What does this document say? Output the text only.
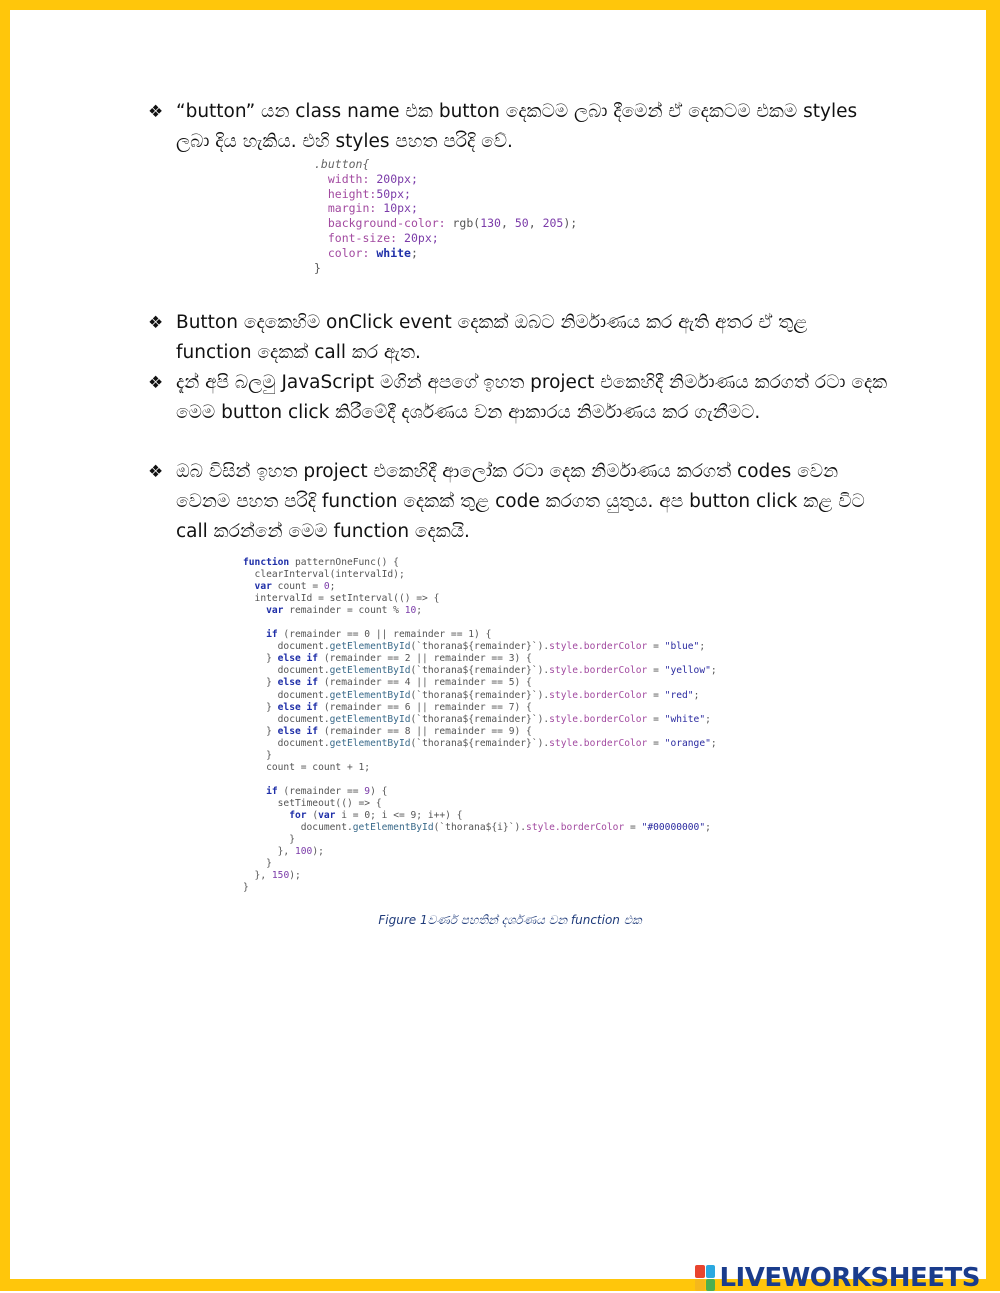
❖ “button” යන class name එක button දෙකටම ලබා දීමෙන් ඒ දෙකටම එකම styles ලබා දිය හැකිය. එහි styles පහත පරිදි වේ.
.button{
width: 200px;
height:50px;
margin: 10px;
background-color: rgb(130, 50, 205);
font-size: 20px;
color: white;
}
❖ Button දෙකෙහිම onClick event දෙකක් ඔබට නිර්මාණය කර ඇති අතර ඒ තුළ function දෙකක් call කර ඇත.
❖ දැන් අපි බලමු JavaScript මගින් අපගේ ඉහත project එකෙහිදී නිර්මාණය කරගත් රටා දෙක මෙම button click කිරීමේදී දර්ශණය වන ආකාරය නිර්මාණය කර ගැනීමට.
❖ ඔබ විසින් ඉහත project එකෙහිදී ආලෝක රටා දෙක නිර්මාණය කරගත් codes වෙන වෙනම පහත පරිදි function දෙකක් තුළ code කරගත යුතුය. අප button click කළ විට call කරන්නේ මෙම function දෙකයි.
function patternOneFunc() {
clearInterval(intervalId);
var count = 0;
intervalId = setInterval(() => {
var remainder = count % 10;

if (remainder == 0 || remainder == 1) {
document.getElementById(`thorana${remainder}`).style.borderColor = "blue";
} else if (remainder == 2 || remainder == 3) {
document.getElementById(`thorana${remainder}`).style.borderColor = "yellow";
} else if (remainder == 4 || remainder == 5) {
document.getElementById(`thorana${remainder}`).style.borderColor = "red";
} else if (remainder == 6 || remainder == 7) {
document.getElementById(`thorana${remainder}`).style.borderColor = "white";
} else if (remainder == 8 || remainder == 9) {
document.getElementById(`thorana${remainder}`).style.borderColor = "orange";
}
count = count + 1;

if (remainder == 9) {
setTimeout(() => {
for (var i = 0; i <= 9; i++) {
document.getElementById(`thorana${i}`).style.borderColor = "#00000000";
}
}, 100);
}
}, 150);
}
Figure 1වර්ණ පහතින් දර්ශණය වන function එක
LIVEWORKSHEETS
